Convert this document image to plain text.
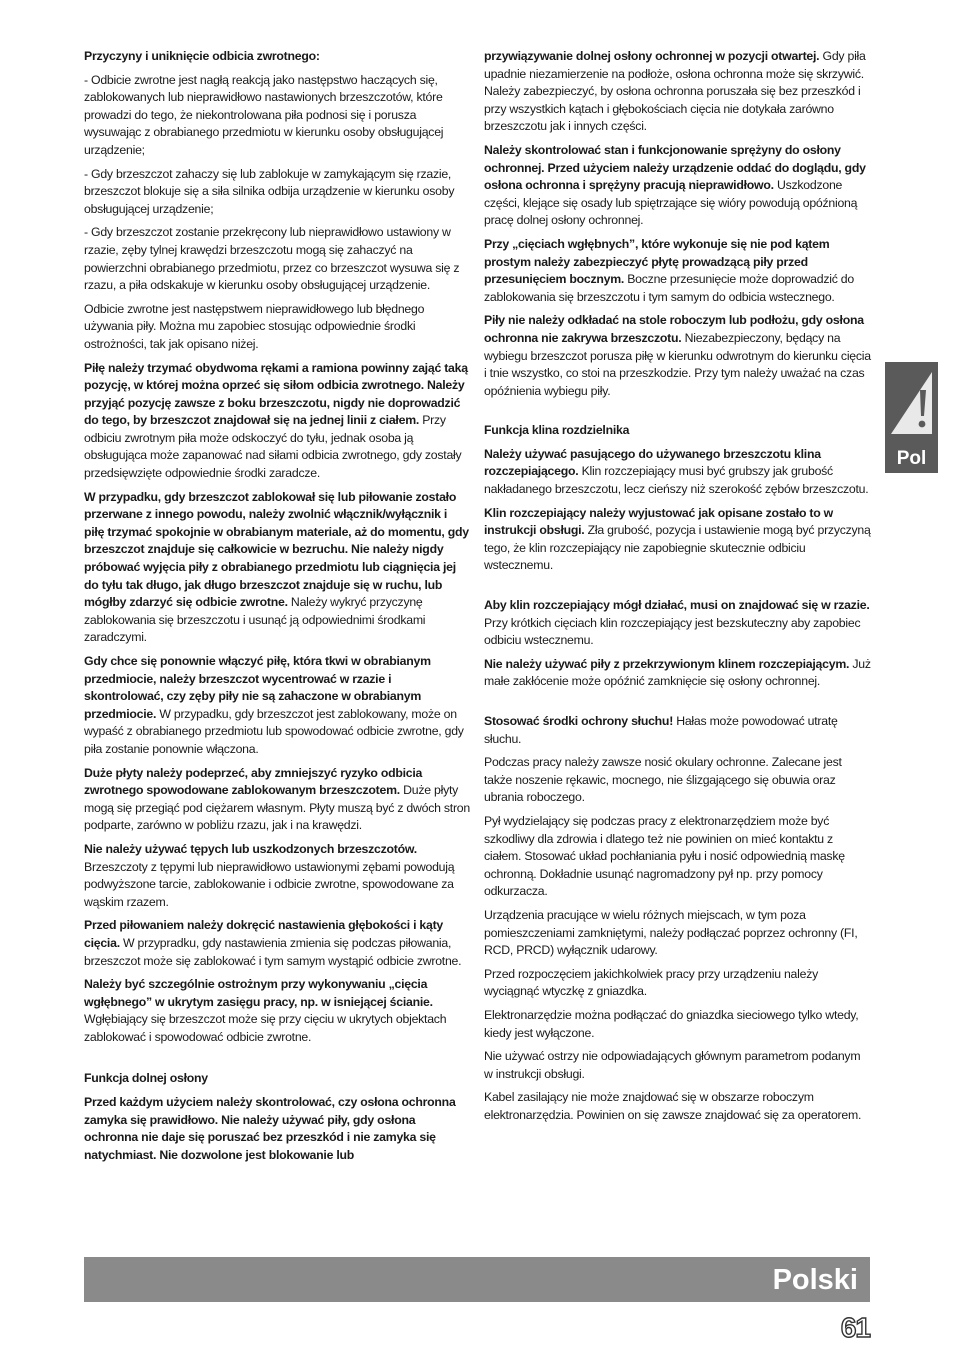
Przyczyny i uniknięcie odbicia zwrotnego:

- Odbicie zwrotne jest nagłą reakcją jako następstwo haczących się, zablokowanych lub nieprawidłowo nastawionych brzeszczotów, które prowadzi do tego, że niekontrolowana piła podnosi się i porusza wysuwając z obrabianego przedmiotu w kierunku osoby obsługującej urządzenie;

- Gdy brzeszczot zahaczy się lub zablokuje w zamykającym się rzazie, brzeszczot blokuje się a siła silnika odbija urządzenie w kierunku osoby obsługującej urządzenie;

- Gdy brzeszczot zostanie przekręcony lub nieprawidłowo ustawiony w rzazie, zęby tylnej krawędzi brzeszczotu mogą się zahaczyć na powierzchni obrabianego przedmiotu, przez co brzeszczot wysuwa się z rzazu, a piła odskakuje w kierunku osoby obsługującej urządzenie.

Odbicie zwrotne jest następstwem nieprawidłowego lub błędnego używania piły. Można mu zapobiec stosując odpowiednie środki ostrożności, tak jak opisano niżej.

Piłę należy trzymać obydwoma rękami a ramiona powinny zająć taką pozycję, w której można oprzeć się siłom odbicia zwrotnego. Należy przyjąć pozycję zawsze z boku brzeszczotu, nigdy nie doprowadzić do tego, by brzeszczot znajdował się na jednej linii z ciałem. Przy odbiciu zwrotnym piła może odskoczyć do tyłu, jednak osoba ją obsługująca może zapanować nad siłami odbicia zwrotnego, gdy zostały przedsięwzięte odpowiednie środki zaradcze.

W przypadku, gdy brzeszczot zablokował się lub piłowanie zostało przerwane z innego powodu, należy zwolnić włącznik/wyłącznik i piłę trzymać spokojnie w obrabianym materiale, aż do momentu, gdy brzeszczot znajduje się całkowicie w bezruchu. Nie należy nigdy próbować wyjęcia piły z obrabianego przedmiotu lub ciągnięcia jej do tyłu tak długo, jak długo brzeszczot znajduje się w ruchu, lub mógłby zdarzyć się odbicie zwrotne. Należy wykryć przyczynę zablokowania się brzeszczotu i usunąć ją odpowiednimi środkami zaradczymi.

Gdy chce się ponownie włączyć piłę, która tkwi w obrabianym przedmiocie, należy brzeszczot wycentrować w rzazie i skontrolować, czy zęby piły nie są zahaczone w obrabianym przedmiocie. W przypadku, gdy brzeszczot jest zablokowany, może on wypaść z obrabianego przedmiotu lub spowodować odbicie zwrotne, gdy piła zostanie ponownie włączona.

Duże płyty należy podeprzeć, aby zmniejszyć ryzyko odbicia zwrotnego spowodowane zablokowanym brzeszczotem. Duże płyty mogą się przegiąć pod ciężarem własnym. Płyty muszą być z dwóch stron podparte, zarówno w pobliżu rzazu, jak i na krawędzi.

Nie należy używać tępych lub uszkodzonych brzeszczotów. Brzeszczoty z tępymi lub nieprawidłowo ustawionymi zębami powodują podwyższone tarcie, zablokowanie i odbicie zwrotne, spowodowane za wąskim rzazem.

Przed piłowaniem należy dokręcić nastawienia głębokości i kąty cięcia. W przypradku, gdy nastawienia zmienia się podczas piłowania, brzeszczot może się zablokować i tym samym wystąpić odbicie zwrotne.

Należy być szczególnie ostrożnym przy wykonywaniu „cięcia wgłębnego” w ukrytym zasięgu pracy, np. w isniejącej ścianie. Wgłębiający się brzeszczot może się przy cięciu w ukrytych objektach zablokować i spowodować odbicie zwrotne.

Funkcja dolnej osłony

Przed każdym użyciem należy skontrolować, czy osłona ochronna zamyka się prawidłowo. Nie należy używać piły, gdy osłona ochronna nie daje się poruszać bez przeszkód i nie zamyka się natychmiast. Nie dozwolone jest blokowanie lub

przywiązywanie dolnej osłony ochronnej w pozycji otwartej. Gdy piła upadnie niezamierzenie na podłoże, osłona ochronna może się skrzywić. Należy zabezpieczyć, by osłona ochronna poruszała się bez przeszkód i przy wszystkich kątach i głębokościach cięcia nie dotykała zarówno brzeszczotu jak i innych części.

Należy skontrolować stan i funkcjonowanie sprężyny do osłony ochronnej. Przed użyciem należy urządzenie oddać do doglądu, gdy osłona ochronna i sprężyny pracują nieprawidłowo. Uszkodzone części, klejące się osady lub spiętrzające się wióry powodują opóźnioną pracę dolnej osłony ochronnej.

Przy „cięciach wgłębnych”, które wykonuje się nie pod kątem prostym należy zabezpieczyć płytę prowadzącą piły przed przesunięciem bocznym. Boczne przesunięcie może doprowadzić do zablokowania się brzeszczotu i tym samym do odbicia wstecznego.

Piły nie należy odkładać na stole roboczym lub podłożu, gdy osłona ochronna nie zakrywa brzeszczotu. Niezabezpieczony, będący na wybiegu brzeszczot porusza piłę w kierunku odwrotnym do kierunku cięcia i tnie wszystko, co stoi na przeszkodzie. Przy tym należy uważać na czas opóźnienia wybiegu piły.

Funkcja klina rozdzielnika

Należy używać pasującego do używanego brzeszczotu klina rozczepiającego. Klin rozczepiający musi być grubszy jak grubość nakładanego brzeszczotu, lecz cieńszy niż szerokość zębów brzeszczotu.

Klin rozczepiający należy wyjustować jak opisane zostało to w instrukcji obsługi. Zła grubość, pozycja i ustawienie mogą być przyczyną tego, że klin rozczepiający nie zapobiegnie skutecznie odbiciu wstecznemu.

Aby klin rozczepiający mógł działać, musi on znajdować się w rzazie. Przy krótkich cięciach klin rozczepiający jest bezskuteczny aby zapobiec odbiciu wstecznemu.

Nie należy używać piły z przekrzywionym klinem rozczepiającym. Już małe zakłócenie może opóźnić zamknięcie się osłony ochronnej.

Stosować środki ochrony słuchu! Hałas może powodować utratę słuchu.

Podczas pracy należy zawsze nosić okulary ochronne. Zalecane jest także noszenie rękawic, mocnego, nie ślizgającego się obuwia oraz ubrania roboczego.

Pył wydzielający się podczas pracy z elektronarzędziem może być szkodliwy dla zdrowia i dlatego też nie powinien on mieć kontaktu z ciałem. Stosować układ pochłaniania pyłu i nosić odpowiednią maskę ochronną. Dokładnie usunąć nagromadzony pył np. przy pomocy odkurzacza.

Urządzenia pracujące w wielu różnych miejscach, w tym poza pomieszczeniami zamkniętymi, należy podłączać poprzez ochronny (FI, RCD, PRCD) wyłącznik udarowy.

Przed rozpoczęciem jakichkolwiek pracy przy urządzeniu należy wyciągnąć wtyczkę z gniazdka.

Elektronarzędzie można podłączać do gniazdka sieciowego tylko wtedy, kiedy jest wyłączone.

Nie używać ostrzy nie odpowiadających głównym parametrom podanym w instrukcji obsługi.

Kabel zasilający nie może znajdować się w obszarze roboczym elektronarzędzia. Powinien on się zawsze znajdować się za operatorem.

Pol
Polski
61
